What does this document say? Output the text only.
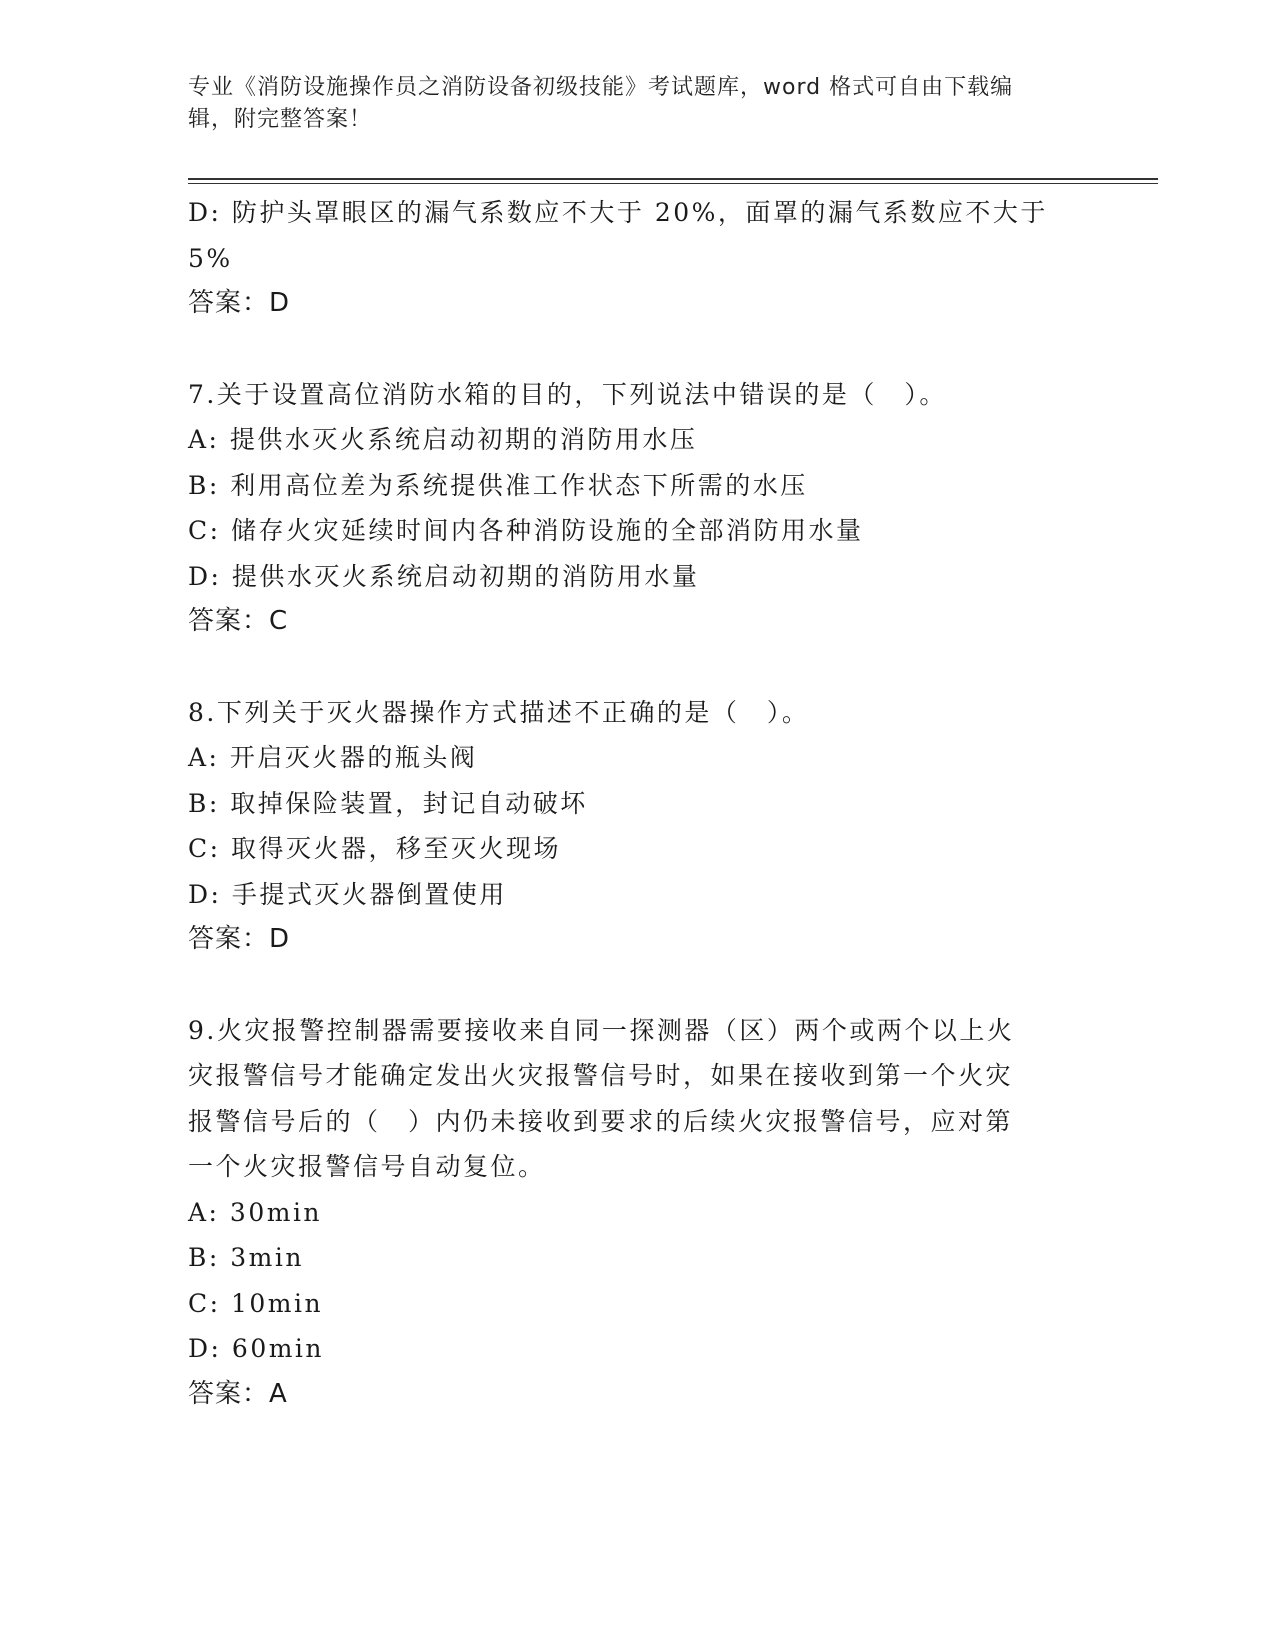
专业《消防设施操作员之消防设备初级技能》考试题库，word 格式可自由下载编
辑，附完整答案！
D: 防护头罩眼区的漏气系数应不大于 20%，面罩的漏气系数应不大于
5%
答案：D
7.关于设置高位消防水箱的目的，下列说法中错误的是（　）。
A: 提供水灭火系统启动初期的消防用水压
B: 利用高位差为系统提供准工作状态下所需的水压
C: 储存火灾延续时间内各种消防设施的全部消防用水量
D: 提供水灭火系统启动初期的消防用水量
答案：C
8.下列关于灭火器操作方式描述不正确的是（　）。
A: 开启灭火器的瓶头阀
B: 取掉保险装置，封记自动破坏
C: 取得灭火器，移至灭火现场
D: 手提式灭火器倒置使用
答案：D
9.火灾报警控制器需要接收来自同一探测器（区）两个或两个以上火
灾报警信号才能确定发出火灾报警信号时，如果在接收到第一个火灾
报警信号后的（　）内仍未接收到要求的后续火灾报警信号，应对第
一个火灾报警信号自动复位。
A: 30min
B: 3min
C: 10min
D: 60min
答案：A
